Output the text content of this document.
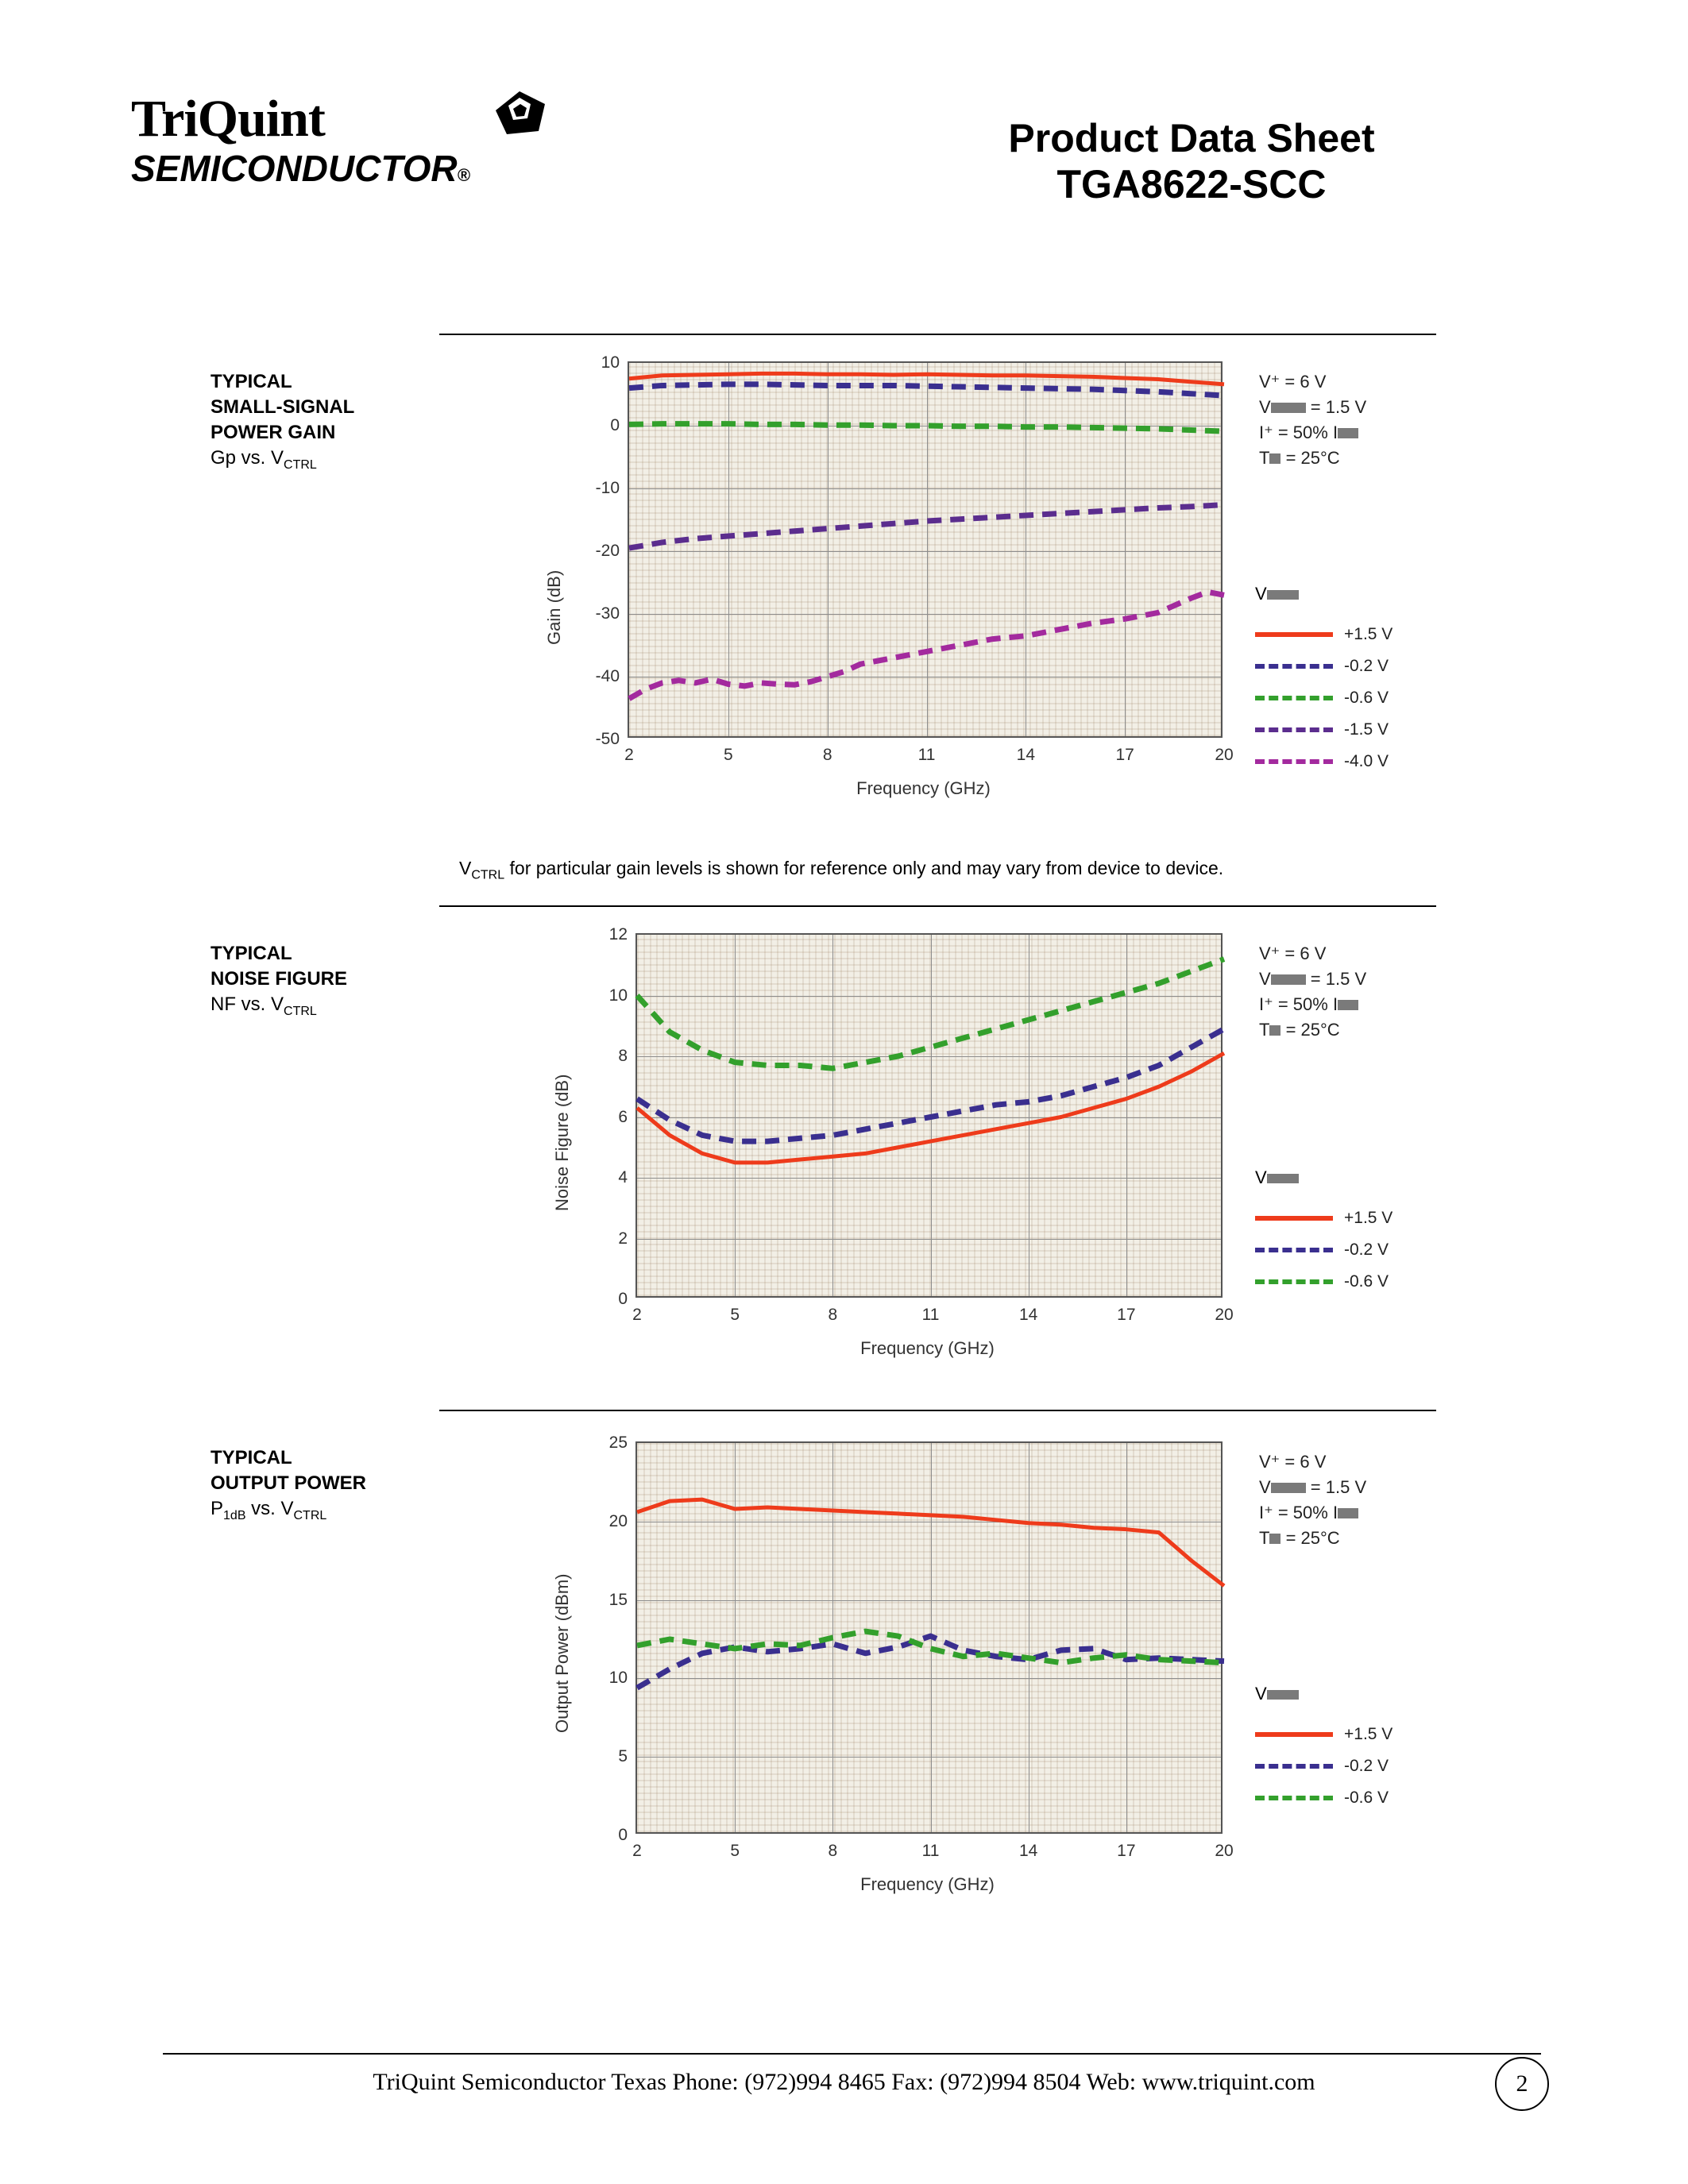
TriQuint
SEMICONDUCTOR®
Product Data Sheet
TGA8622-SCC
TYPICAL
SMALL-SIGNAL
POWER GAIN
Gp vs. $V_{CTRL}$
-50
-40
-30
-20
-10
0
10
2	5	8	11	14	17	20
Gain (dB)
Frequency (GHz)
V⁺ = 6 V
V = 1.5 V
I⁺ = 50% I
T = 25°C
V
+1.5 V
-0.2 V
-0.6 V
-1.5 V
-4.0 V
$V_{CTRL}$ for particular gain levels is shown for reference only and may vary from device to device.
TYPICAL
NOISE FIGURE
NF vs. $V_{CTRL}$
0
2
4
6
8
10
12
2	5	8	11	14	17	20
Noise Figure (dB)
Frequency (GHz)
V⁺ = 6 V
V = 1.5 V
I⁺ = 50% I
T = 25°C
V
+1.5 V
-0.2 V
-0.6 V
TYPICAL
OUTPUT POWER
$P_{1dB}$ vs. $V_{CTRL}$
0
5
10
15
20
25
2	5	8	11	14	17	20
Output Power (dBm)
Frequency (GHz)
V⁺ = 6 V
V = 1.5 V
I⁺ = 50% I
T = 25°C
V
+1.5 V
-0.2 V
-0.6 V
TriQuint Semiconductor Texas Phone: (972)994 8465 Fax: (972)994 8504 Web: www.triquint.com	2
